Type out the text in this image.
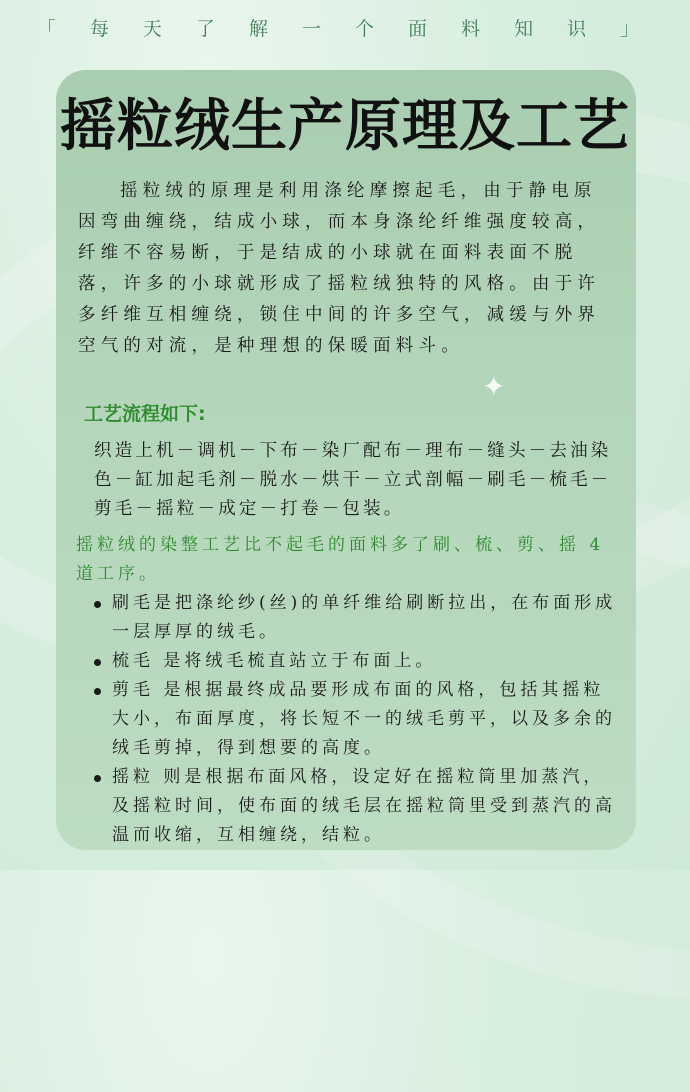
「 每 天 了 解 一 个 面 料 知 识 」
摇粒绒生产原理及工艺
摇粒绒的原理是利用涤纶摩擦起毛，由于静电原因弯曲缠绕，结成小球，而本身涤纶纤维强度较高，纤维不容易断，于是结成的小球就在面料表面不脱落，许多的小球就形成了摇粒绒独特的风格。由于许多纤维互相缠绕，锁住中间的许多空气，减缓与外界空气的对流，是种理想的保暖面料斗。
✦
工艺流程如下:
织造上机－调机－下布－染厂配布－理布－缝头－去油染色－缸加起毛剂－脱水－烘干－立式剖幅－刷毛－梳毛－剪毛－摇粒－成定－打卷－包装。
摇粒绒的染整工艺比不起毛的面料多了刷、梳、剪、摇 4道工序。
刷毛是把涤纶纱(丝)的单纤维给刷断拉出，在布面形成一层厚厚的绒毛。
梳毛 是将绒毛梳直站立于布面上。
剪毛 是根据最终成品要形成布面的风格，包括其摇粒大小，布面厚度，将长短不一的绒毛剪平，以及多余的绒毛剪掉，得到想要的高度。
摇粒 则是根据布面风格，设定好在摇粒筒里加蒸汽，及摇粒时间，使布面的绒毛层在摇粒筒里受到蒸汽的高温而收缩，互相缠绕，结粒。
